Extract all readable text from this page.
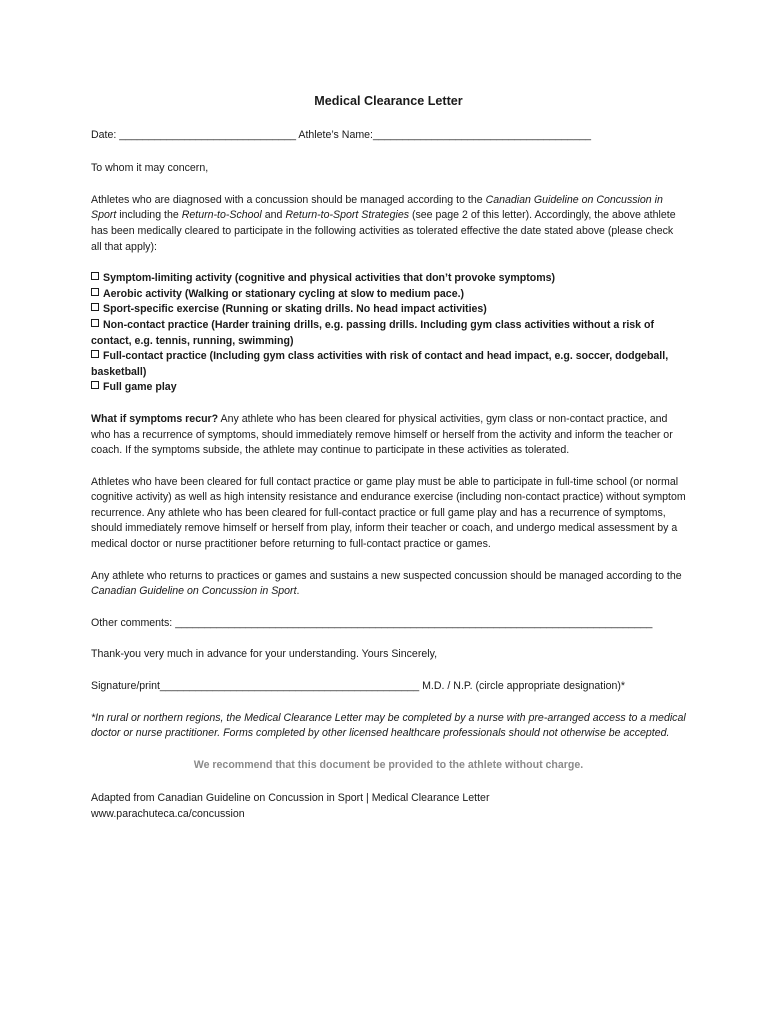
Medical Clearance Letter
Date: ______________________________ Athlete’s Name:_____________________________________
To whom it may concern,
Athletes who are diagnosed with a concussion should be managed according to the Canadian Guideline on Concussion in Sport including the Return-to-School and Return-to-Sport Strategies (see page 2 of this letter). Accordingly, the above athlete has been medically cleared to participate in the following activities as tolerated effective the date stated above (please check all that apply):
Symptom-limiting activity (cognitive and physical activities that don’t provoke symptoms)
Aerobic activity (Walking or stationary cycling at slow to medium pace.)
Sport-specific exercise (Running or skating drills. No head impact activities)
Non-contact practice (Harder training drills, e.g. passing drills. Including gym class activities without a risk of contact, e.g. tennis, running, swimming)
Full-contact practice (Including gym class activities with risk of contact and head impact, e.g. soccer, dodgeball, basketball)
Full game play
What if symptoms recur? Any athlete who has been cleared for physical activities, gym class or non-contact practice, and who has a recurrence of symptoms, should immediately remove himself or herself from the activity and inform the teacher or coach. If the symptoms subside, the athlete may continue to participate in these activities as tolerated.
Athletes who have been cleared for full contact practice or game play must be able to participate in full-time school (or normal cognitive activity) as well as high intensity resistance and endurance exercise (including non-contact practice) without symptom recurrence. Any athlete who has been cleared for full-contact practice or full game play and has a recurrence of symptoms, should immediately remove himself or herself from play, inform their teacher or coach, and undergo medical assessment by a medical doctor or nurse practitioner before returning to full-contact practice or games.
Any athlete who returns to practices or games and sustains a new suspected concussion should be managed according to the Canadian Guideline on Concussion in Sport.
Other comments: _________________________________________________________________________________
Thank-you very much in advance for your understanding. Yours Sincerely,
Signature/print____________________________________________ M.D. / N.P. (circle appropriate designation)*
*In rural or northern regions, the Medical Clearance Letter may be completed by a nurse with pre-arranged access to a medical doctor or nurse practitioner. Forms completed by other licensed healthcare professionals should not otherwise be accepted.
We recommend that this document be provided to the athlete without charge.
Adapted from Canadian Guideline on Concussion in Sport | Medical Clearance Letter
www.parachuteca.ca/concussion
